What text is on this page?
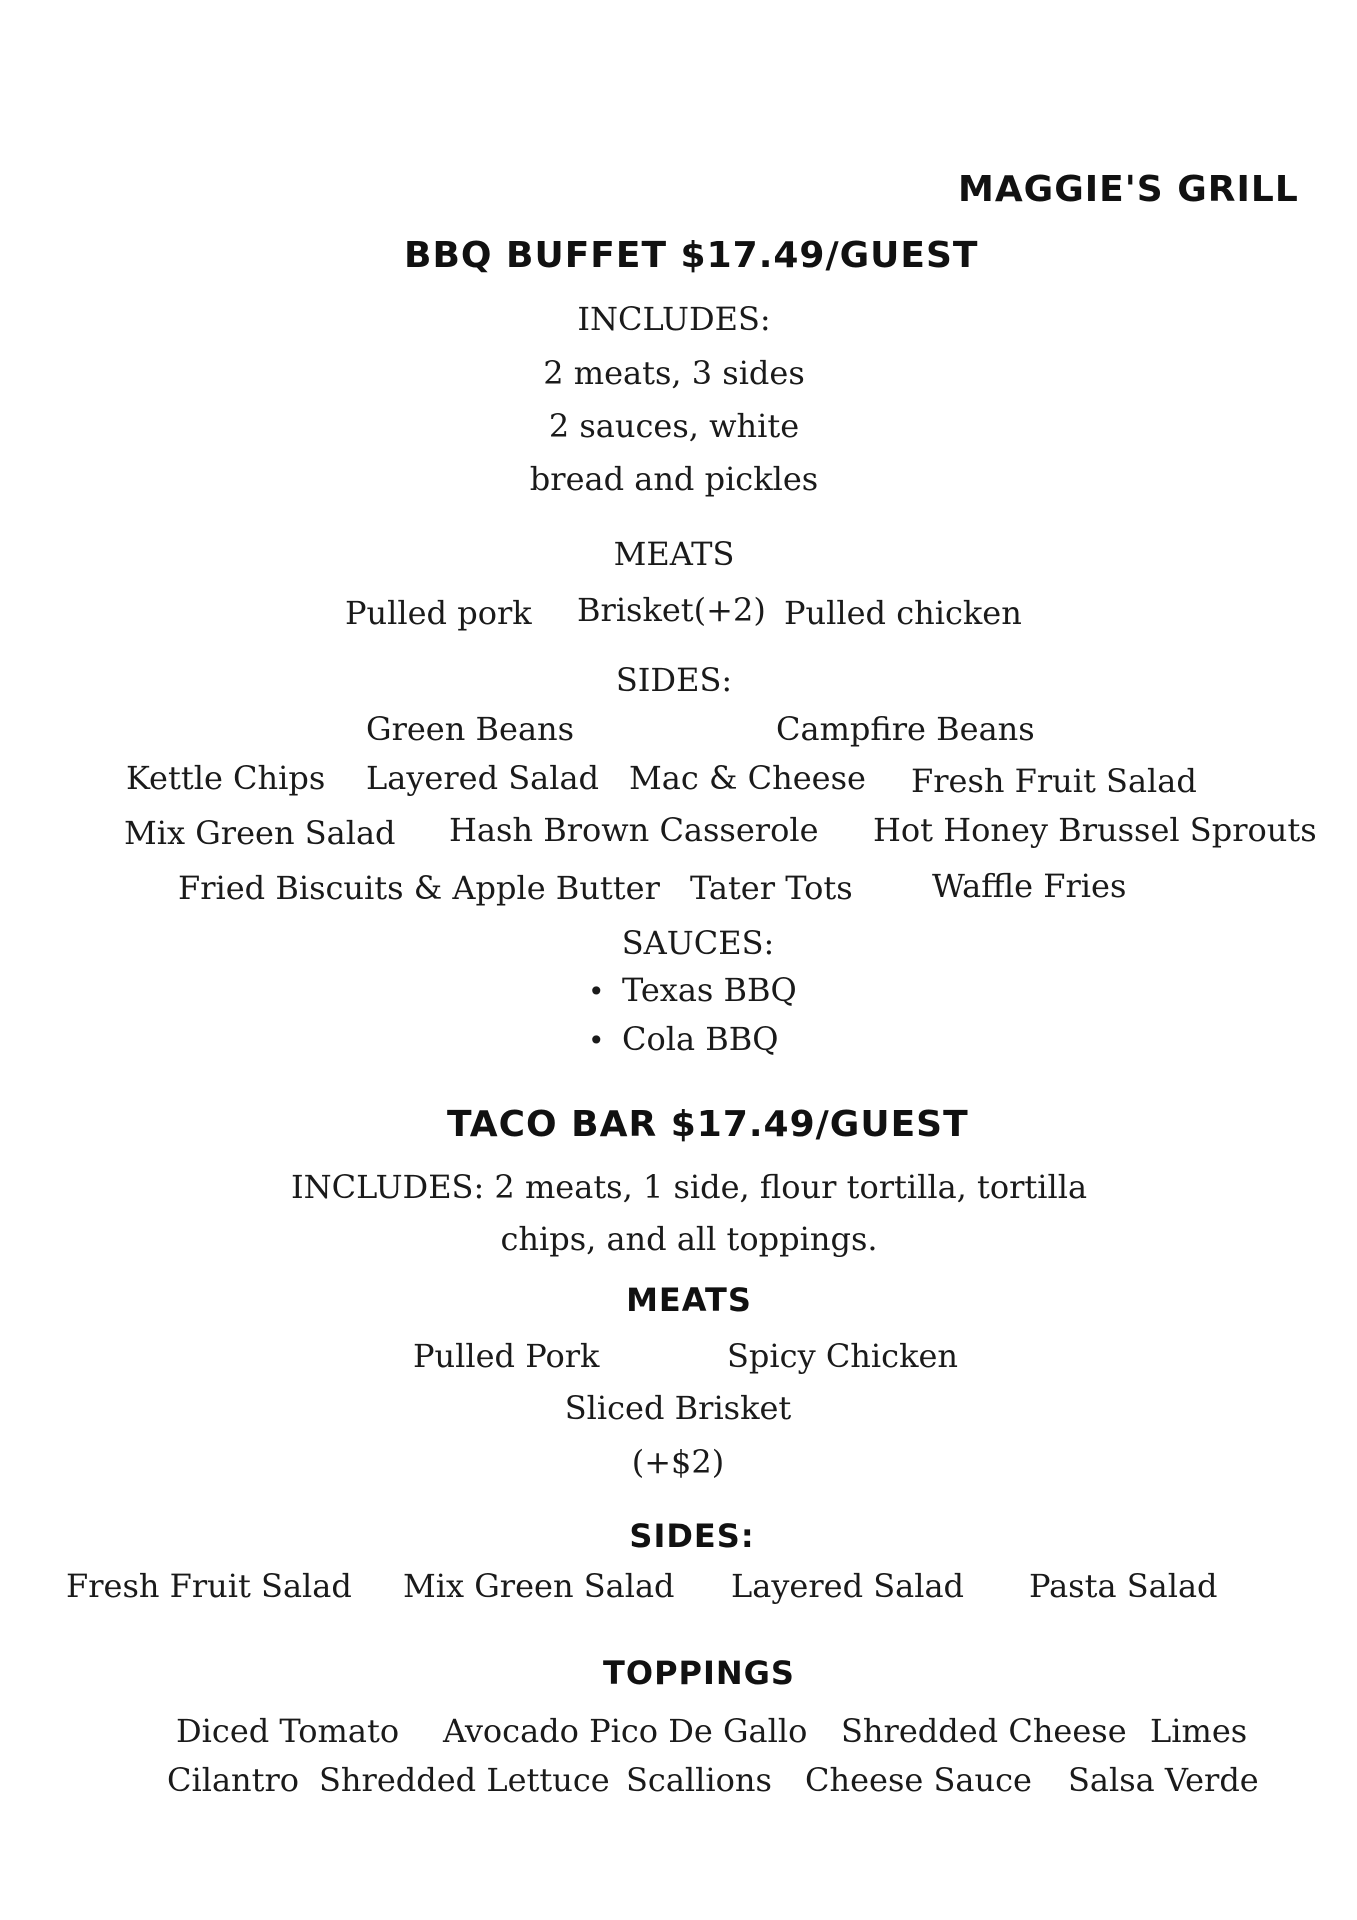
MAGGIE'S GRILL
BBQ BUFFET $17.49/GUEST
INCLUDES:
2 meats, 3 sides
2 sauces, white
bread and pickles
MEATS
Pulled pork Brisket(+2) Pulled chicken
SIDES:
Green Beans	Campfire Beans
Kettle Chips Layered Salad Mac & Cheese Fresh Fruit Salad
Mix Green Salad Hash Brown Casserole Hot Honey Brussel Sprouts
Fried Biscuits & Apple Butter Tater Tots Waffle Fries
SAUCES:
• Texas BBQ
• Cola BBQ
TACO BAR $17.49/GUEST
INCLUDES: 2 meats, 1 side, flour tortilla, tortilla
chips, and all toppings.
MEATS
Pulled Pork	Spicy Chicken
Sliced Brisket
(+$2)
SIDES:
Fresh Fruit Salad Mix Green Salad Layered Salad Pasta Salad
TOPPINGS
Diced Tomato Avocado Pico De Gallo Shredded Cheese Limes
Cilantro Shredded Lettuce Scallions Cheese Sauce Salsa Verde
